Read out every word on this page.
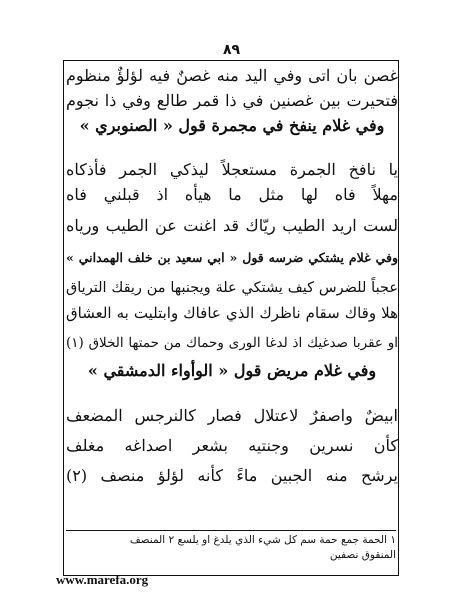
٨٩
غصن بان اتى وفي اليد منه غصنٌ فيه لؤلؤٌ منظوم
فتحيرت بين غصنين في ذا قمر طالع وفي ذا نجوم
وفي غلام ينفخ في مجمرة قول « الصنوبري »
يا نافخ الجمرة مستعجلاً ليذكي الجمر فأذكاه
مهلاً فاه لها مثل ما هيأه اذ قبلني فاه
لست اريد الطيب ريّاك قد اغنت عن الطيب ورياه
وفي غلام يشتكي ضرسه قول « ابي سعيد بن خلف الهمداني »
عجباً للضرس كيف يشتكي علة ويجنبها من ريقك الترياق
هلا وقاك سقام ناظرك الذي عافاك وابتليت به العشاق
او عقربا صدغيك اذ لدغا الورى وحماك من حمتها الخلاق (١)
وفي غلام مريض قول « الوأواء الدمشقي »
ابيضٌ واصفرٌ لاعتلال فصار كالنرجس المضعف
كأن نسرين وجنتيه بشعر اصداغه مغلف
يرشح منه الجبين ماءً كأنه لؤلؤ منصف (٢)
١ الحمة جمع حمة سم كل شيء الذي يلدغ او يلسع ٢ المنصف
المنقوق نصفين
www.marefa.org
